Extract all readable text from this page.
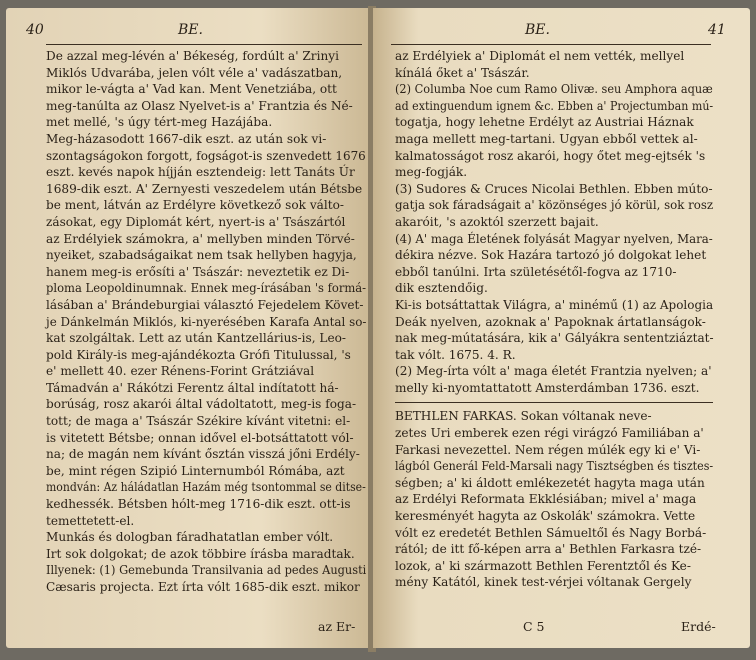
40	BE.
De azzal meg-lévén a' Békeség, fordúlt a' Zrinyi
Miklós Udvarába, jelen vólt véle a' vadászatban,
mikor le-vágta a' Vad kan. Ment Venetziába, ott
meg-tanúlta az Olasz Nyelvet-is a' Frantzia és Né-
met mellé, 's úgy tért-meg Hazájába.
Meg-házasodott 1667-dik eszt. az után sok vi-
szontagságokon forgott, fogságot-is szenvedett 1676
eszt. kevés napok híjján esztendeig: lett Tanáts Úr
1689-dik eszt. A' Zernyesti veszedelem után Bétsbe
be ment, látván az Erdélyre következő sok válto-
zásokat, egy Diplomát kért, nyert-is a' Tsászártól
az Erdélyiek számokra, a' mellyben minden Törvé-
nyeiket, szabadságaikat nem tsak hellyben hagyja,
hanem meg-is erősíti a' Tsászár: neveztetik ez Di-
ploma Leopoldinumnak. Ennek meg-írásában 's formá-
lásában a' Brándeburgiai választó Fejedelem Követ-
je Dánkelmán Miklós, ki-nyerésében Karafa Antal so-
kat szolgáltak. Lett az után Kantzellárius-is, Leo-
pold Király-is meg-ajándékozta Grófi Titulussal, 's
e' mellett 40. ezer Rénens-Forint Grátziával
Támadván a' Rákótzi Ferentz által indítatott há-
borúság, rosz akarói által vádoltatott, meg-is foga-
tott; de maga a' Tsászár Székire kívánt vitetni: el-
is vitetett Bétsbe; onnan idővel el-botsáttatott vól-
na; de magán nem kívánt ősztán visszá jőni Erdély-
be, mint régen Szipió Linternumból Rómába, azt
mondván: Az háládatlan Hazám még tsontommal se ditse-
kedhessék. Bétsben hólt-meg 1716-dik eszt. ott-is
temettetett-el.
Munkás és dologban fáradhatatlan ember vólt.
Irt sok dolgokat; de azok többire írásba maradtak.
Illyenek: (1) Gemebunda Transilvania ad pedes Augusti
Cæsaris projecta. Ezt írta vólt 1685-dik eszt. mikor
az Er-
BE.	41
az Erdélyiek a' Diplomát el nem vették, mellyel
kínálá őket a' Tsászár.
(2) Columba Noe cum Ramo Olivæ. seu Amphora aquæ
ad extinguendum ignem &c. Ebben a' Projectumban mú-
togatja, hogy lehetne Erdélyt az Austriai Háznak
maga mellett meg-tartani. Ugyan ebből vettek al-
kalmatosságot rosz akarói, hogy őtet meg-ejtsék 's
meg-fogják.
(3) Sudores & Cruces Nicolai Bethlen. Ebben múto-
gatja sok fáradságait a' közönséges jó körül, sok rosz
akaróit, 's azoktól szerzett bajait.
(4) A' maga Életének folyását Magyar nyelven, Mara-
dékira nézve. Sok Hazára tartozó jó dolgokat lehet
ebből tanúlni. Irta születésétől-fogva az 1710-
dik esztendőig.
Ki-is botsáttattak Világra, a' minémű (1) az Apologia
Deák nyelven, azoknak a' Papoknak ártatlanságok-
nak meg-mútatására, kik a' Gályákra sententziáztat-
tak vólt. 1675. 4. R.
(2) Meg-írta vólt a' maga életét Frantzia nyelven; a'
melly ki-nyomtattatott Amsterdámban 1736. eszt.
BETHLEN FARKAS. Sokan vóltanak neve-
zetes Uri emberek ezen régi virágzó Familiában a'
Farkasi nevezettel. Nem régen múlék egy ki e' Vi-
lágból Generál Feld-Marsali nagy Tisztségben és tisztes-
ségben; a' ki áldott emlékezetét hagyta maga után
az Erdélyi Reformata Ekklésiában; mivel a' maga
keresményét hagyta az Oskolák' számokra. Vette
vólt ez eredetét Bethlen Sámueltől és Nagy Borbá-
rától; de itt fő-képen arra a' Bethlen Farkasra tzé-
lozok, a' ki származott Bethlen Ferentztől és Ke-
mény Katától, kinek test-vérjei vóltanak Gergely
C 5	Erdé-
